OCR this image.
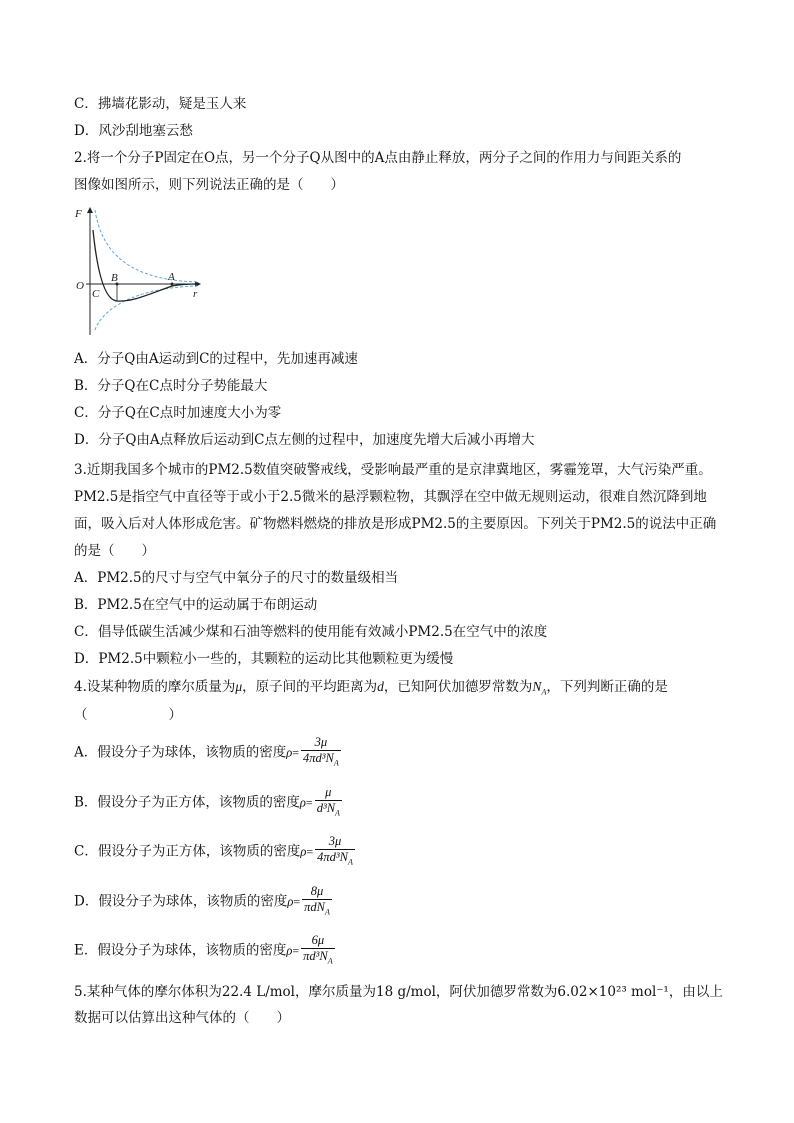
C．拂墙花影动，疑是玉人来
D．风沙刮地塞云愁
2.将一个分子P固定在O点，另一个分子Q从图中的A点由静止释放，两分子之间的作用力与间距关系的
图像如图所示，则下列说法正确的是（　　）
F
r
O
B
C
A
A．分子Q由A运动到C的过程中，先加速再减速
B．分子Q在C点时分子势能最大
C．分子Q在C点时加速度大小为零
D．分子Q由A点释放后运动到C点左侧的过程中，加速度先增大后减小再增大
3.近期我国多个城市的PM2.5数值突破警戒线，受影响最严重的是京津冀地区，雾霾笼罩，大气污染严重。PM2.5是指空气中直径等于或小于2.5微米的悬浮颗粒物，其飘浮在空中做无规则运动，很难自然沉降到地面，吸入后对人体形成危害。矿物燃料燃烧的排放是形成PM2.5的主要原因。下列关于PM2.5的说法中正确的是（　　）
A．PM2.5的尺寸与空气中氧分子的尺寸的数量级相当
B．PM2.5在空气中的运动属于布朗运动
C．倡导低碳生活减少煤和石油等燃料的使用能有效减小PM2.5在空气中的浓度
D．PM2.5中颗粒小一些的，其颗粒的运动比其他颗粒更为缓慢
4.设某种物质的摩尔质量为μ，原子间的平均距离为d，已知阿伏加德罗常数为$N_A$，下列判断正确的是
（　　　　　　）
A．假设分子为球体，该物质的密度$\rho= \frac{3\mu}{4\pi d^3N_A}$
B．假设分子为正方体，该物质的密度$\rho= \frac{\mu}{d^3N_A}$
C．假设分子为正方体，该物质的密度$\rho= \frac{3\mu}{4\pi d^3N_A}$
D．假设分子为球体，该物质的密度$\rho= \frac{8\mu}{\pi dN_A}$
E．假设分子为球体，该物质的密度$\rho= \frac{6\mu}{\pi d^3N_A}$
5.某种气体的摩尔体积为22.4 L/mol，摩尔质量为18 g/mol，阿伏加德罗常数为6.02×10²³ mol⁻¹，由以上
数据可以估算出这种气体的（　　）
